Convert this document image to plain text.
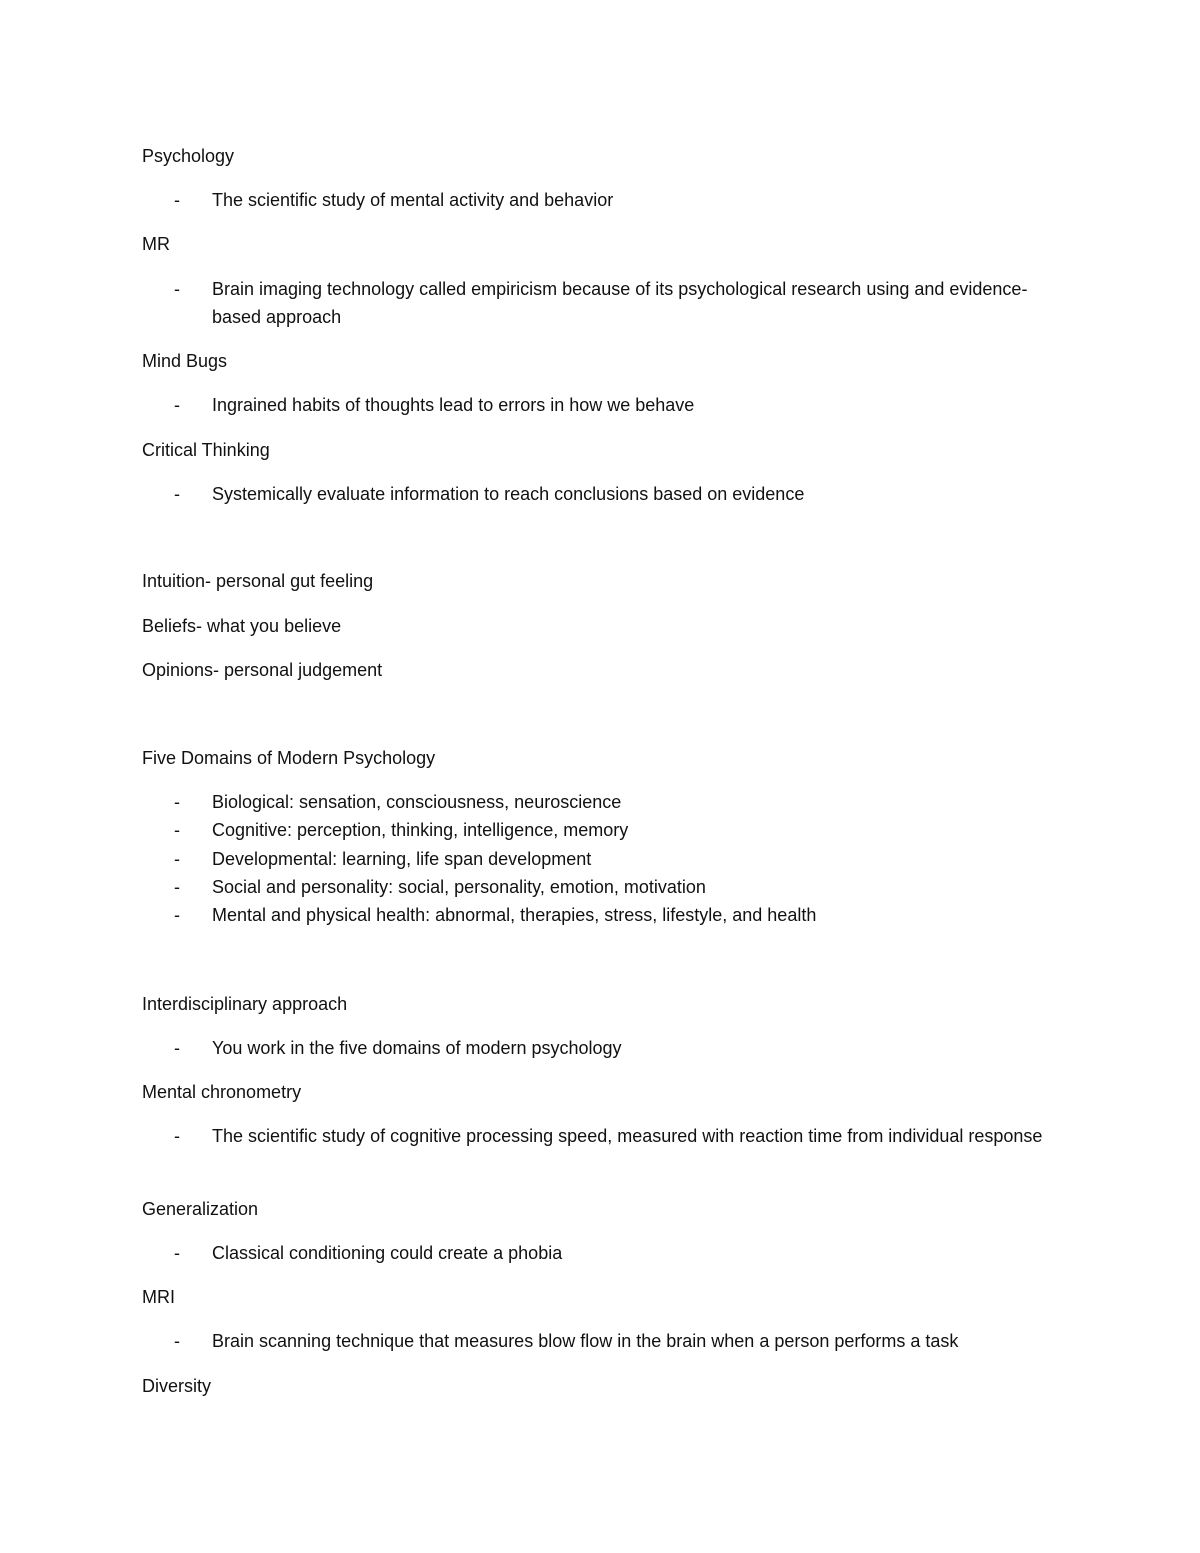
Psychology
- The scientific study of mental activity and behavior
MR
- Brain imaging technology called empiricism because of its psychological research using and evidence-based approach
Mind Bugs
- Ingrained habits of thoughts lead to errors in how we behave
Critical Thinking
- Systemically evaluate information to reach conclusions based on evidence
Intuition- personal gut feeling
Beliefs- what you believe
Opinions- personal judgement
Five Domains of Modern Psychology
- Biological: sensation, consciousness, neuroscience
- Cognitive: perception, thinking, intelligence, memory
- Developmental: learning, life span development
- Social and personality: social, personality, emotion, motivation
- Mental and physical health: abnormal, therapies, stress, lifestyle, and health
Interdisciplinary approach
- You work in the five domains of modern psychology
Mental chronometry
- The scientific study of cognitive processing speed, measured with reaction time from individual response
Generalization
- Classical conditioning could create a phobia
MRI
- Brain scanning technique that measures blow flow in the brain when a person performs a task
Diversity
